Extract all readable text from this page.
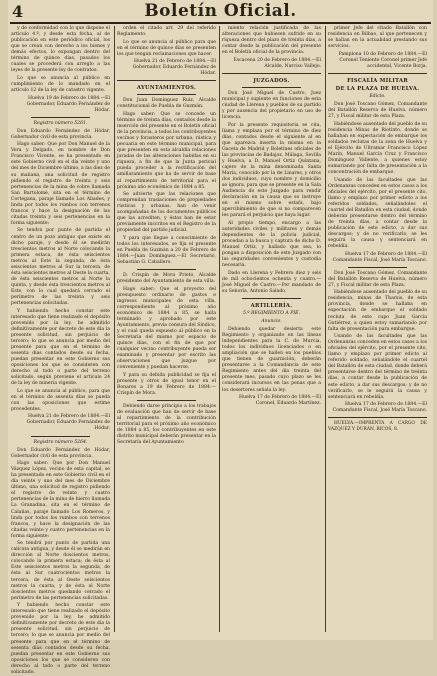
4	Boletín Oficial.

y de conformidad con lo que dispone el artículo 4.º, y desde esta fecha, al de publicación en este periódico oficial, los que se crean con derecho a los bienes y demás efectos, lo expongan dentro del término de quince días, pasados los cuales se procederá con arreglo a las leyes de la presente ley de contratos.

Lo que se anuncia al público en cumplimiento de lo mandado en el artículo 12 de la ley de catastro vigente.

Huelva 19 de Febrero de 1884.—El Gobernador, Eduardo Fernández de Hódar.

Registro número 5261.

Don Eduardo Fernández de Hódar, Gobernador civil de esta provincia.

Hago saber: Que por Don Manuel de la Vera y Delgado, en nombre de Don Francisco Vicente, se ha presentado en este Gobierno civil en el día veinte y uno del mes de Diciembre último, a las diez de su mañana, una solicitud de registro pidiendo el registro de treinta y seis pertenencias de la mina de cobre llamada San Bartolomé, sita en el término de Cortegana, paraje llamado Los Abades, y linda por todos los rumbos con terrenos francos y hace la designación de las citadas treinta y seis pertenencias en la forma siguiente:

Se tendrá por punto de partida el centro de un pozo antiguo que existe en dicho paraje, y desde él se medirán trescientos metros al Norte colocando la primera estaca, de ésta seiscientos metros al Este la segunda, de ésta seiscientos metros al Sur la tercera, de ésta seiscientos metros al Oeste la cuarta, de ésta seiscientos metros al Norte la quinta, y desde ésta trescientos metros al Este, con lo cual quedará cerrado el perímetro de las treinta y seis pertenencias solicitadas.

Y habiendo hecho constar este interesado que tiene realizado el depósito prevenido por la ley, he admitido definitivamente por decreto de este día la presente solicitud, sin perjuicio de tercero; lo que se anuncia por medio del presente para que en el término de sesenta días contados desde su fecha, puedan presentar en este Gobierno sus oposiciones los que se consideren con derecho al todo o parte del terreno solicitado, según previene el artículo 24 de la ley de minería vigente.

Lo que se anuncia al público, para que en el término de sesenta días se pueda con las oposiciones que estime procedentes.

Huelva 21 de Febrero de 1884.—El Gobernador, Eduardo Fernández de Hódar.

Registro número 5264.

Don Eduardo Fernández de Hódar, Gobernador civil de esta provincia.

Hago saber: Que por Don Manuel Vázquez López, vecino de esta capital, se ha presentado en este Gobierno civil en el día veinte y uno del mes de Diciembre último, una solicitud de registro pidiendo el registro de veinte y cuatro pertenencias de la mina de hierro llamada La Granadina, sita en el término de Calañas, paraje llamado Los Romeros, y linda por todos los rumbos con terrenos francos, y hace la designación de las citadas veinte y cuatro pertenencias en la forma siguiente:

Se tendrá por punto de partida una calicata antigua, y desde él se medirán en dirección al Norte doscientos metros, colocando la primera estaca; de ésta al Este seiscientos metros la segunda, de ésta al Sur cuatrocientos metros la tercera, de ésta al Oeste seiscientos metros la cuarta, y de ésta al Norte doscientos metros quedando cerrado el perímetro de las pertenencias solicitadas.

Y habiendo hecho constar este interesado que tiene realizado el depósito prevenido por la ley, he admitido definitivamente por decreto de este día la presente solicitud, sin perjuicio de tercero; lo que se anuncia por medio del presente para que en el término de sesenta días contados desde su fecha, puedan presentar en este Gobierno sus oposiciones los que se consideren con derecho al todo o parte del terreno solicitado.

orden el citado art. 29 del referido Reglamento.

Lo que se anuncia al público para que en el término de quince días se presenten los que tengan reclamaciones que hacer.

Huelva 21 de Febrero de 1884.—El Gobernador, Eduardo Fernández de Hódar.

AYUNTAMIENTOS.

Don Juan Domínguez Ruiz, Alcalde constitucional de Puebla de Guzmán.

Hago saber: Que se concede un término de treinta días, contados desde la inserción del presente en el Boletín oficial de la provincia, a todos los contribuyentes vecinos y forasteros por urbana, rústica y pecuaria en este término municipal, para que presenten en esta alcaldía relaciones juradas de las alteraciones habidas en su riqueza, a fin de que la Junta pericial pueda proceder a la rectificación del amillaramiento que ha de servir de base al repartimiento de territorial para el próximo año económico de 1884 a 85.

Se advierte que las relaciones que comprendan traslaciones de propiedades rústicas y urbanas, han de venir acompañadas de los documentos públicos que las acrediten, y éstos han de estar previamente inscritos en el Registro de la propiedad del partido judicial.

Y para que llegue a conocimiento de todos los interesados, se fija el presente en Puebla de Guzmán a 20 de Febrero de 1884.—Juan Domínguez.—El Secretario, Sebastián G. Caballero.

D. Crispín de Mora Prieto, Alcalde presidente del Ayuntamiento de esta villa.

Hago saber: Que el proyecto del presupuesto ordinario de gastos e ingresos municipales de esta villa, correspondiente al próximo año económico de 1884 a 85, se halla terminado y aprobado por este Ayuntamiento, previa censura del Síndico, y el cual queda expuesto al público en la Secretaría del mismo por espacio de quince días, con el fin de que por cualquier vecino contribuyente pueda ser examinado y presentar por escrito las observaciones que juzgue por conveniente y puedan hacerse.

Y para su debida publicidad se fija el presente y otros de igual tenor en el Bonares a 19 de Febrero de 1884.—Crispín de Mora.

Debiendo darse principio a los trabajos de evaluación que han de servir de base al repartimiento de la contribución territorial para el próximo año económico de 1884 a 85, los contribuyentes en este distrito municipal deberán presentar en la Secretaría del Ayuntamiento

miento relación justificada de las alteraciones que hubiesen sufrido en su riqueza dentro del plazo de treinta días, a contar desde la publicación del presente en el Boletín oficial de la provincia.

Escacena 20 de Febrero de 1884.—El Alcalde, Narciso Vallejo.

JUZGADOS.

Don José Miguel de Castro, Juez municipal y suplente en funciones de esta ciudad de Llerena y pueblos de su partido y por ausencia del propietario en uso de licencia.

Por la presente requisitoria se cita, llama y emplaza por el término de diez días, contados desde el siguiente al en que aparezca inserta la misma en la Gaceta de Madrid y Boletines oficiales de las provincias de Badajoz, Málaga, Sevilla y Huelva, a D. Manuel Ortiz Quintana, cajero de la mina denominada Santa María, conocido por la de Linares, y otros dos individuos, cuyo nombre y domicilio se ignora, para que se presente en la Sala Audiencia de este Juzgado para rendir declaración en la causa que se instruye en el mismo sobre estafa, bajo apercibimiento de que si no comparecen les parará el perjuicio que haya lugar.

Al propio tiempo, encargo a las autoridades civiles y militares y demás dependientes de la policía judicial, procedan a la busca y captura de dicho D. Manuel Ortiz, y hallado que sea, lo pongan a disposición de este Juzgado con las seguridades convenientes y custodia necesaria.

Dado en Llerena y Febrero diez y seis de mil ochocientos ochenta y cuatro.—José Miguel de Castro.—Por mandado de su Señoría, Antonio Salado.

ARTILLERÍA.

5.º REGIMIENTO A PIÉ.

Anuncio.

Debiendo quedar desierta este Regimiento y organizado en las líneas independientes para la C. de Murcia, todos los individuos licenciados o en ampliación que se hallen en los pueblos que tienen de guarnición, deberán presentarse a la Comandancia de este Regimiento antes del día treinta del presente mes, pasado cuyo plazo se les considerará incursos en las penas que a los desertores señala la ley.

Huelva 17 de Febrero de 1884.—El Coronel, Eduardo Martínez.

primer Jefe del citado Batallón con residencia en Bilbao, al que pertenecen y se hallan en la actualidad prestando sus servicios.

Pamplona 10 de Febrero de 1884.—El Coronel Teniente Coronel primer Jefe accidental, Vicente Borja.

FISCALÍA MILITAR

DE LA PLAZA DE HUELVA.

Edicto.

Don José Toscano Gómez, Comandante del Batallón Reserva de Huelva, número 27, y Fiscal militar de esta Plaza.

Habiéndose ausentado del pueblo de su residencia Minas de Riotinto, donde se hallaban en expectación de embarque los soldados reclutas de la zona de Huelva y el Ejército de Ultramar Francisco López Marín, Manuel García Cruz y Francisco Domínguez Valiente, a quienes estoy sumariando por falta de presentación a la concentración de embarque.

Usando de las facultades que las Ordenanzas conceden en estos casos a los oficiales del ejército, por el presente cito, llamo y emplazo por primer edicto a los referidos soldados, señalándoles el cuartel del Batallón en esta ciudad, donde deberán presentarse dentro del término de treinta días, a contar desde la publicación de este edicto, a dar sus descargos; y de no verificarlo, se les seguirá la causa y sentenciará en rebeldía.

Huelva 17 de Febrero de 1884.—El Comandante Fiscal, José María Toscano.

Don José Toscano Gómez, Comandante del Batallón Reserva de Huelva, número 27, y Fiscal militar de esta Plaza.

Habiéndose ausentado del pueblo de su residencia, minas de Tharsis, de esta provincia, donde se hallaba en expectación de embarque el soldado recluta de este cupo Juan García Gutiérrez, a quien estoy sumariando por falta de presentación para embarque.

Usando de las facultades que las Ordenanzas conceden en estos casos a los oficiales del ejército, por el presente cito, llamo y emplazo por primer edicto al referido soldado, señalándole el cuartel del Batallón de esta ciudad, donde deberá presentarse dentro del término de treinta días, a contar desde la publicación de este edicto, a dar sus descargos; y de no verificarlo, se le seguirá la causa y sentenciará en rebeldía.

Huelva 17 de Febrero de 1884.—El Comandante Fiscal, José María Toscano.

HUELVA.—IMPRENTA A CARGO DE VÁZQUEZ Y DURÁN, RICOS, 8.
